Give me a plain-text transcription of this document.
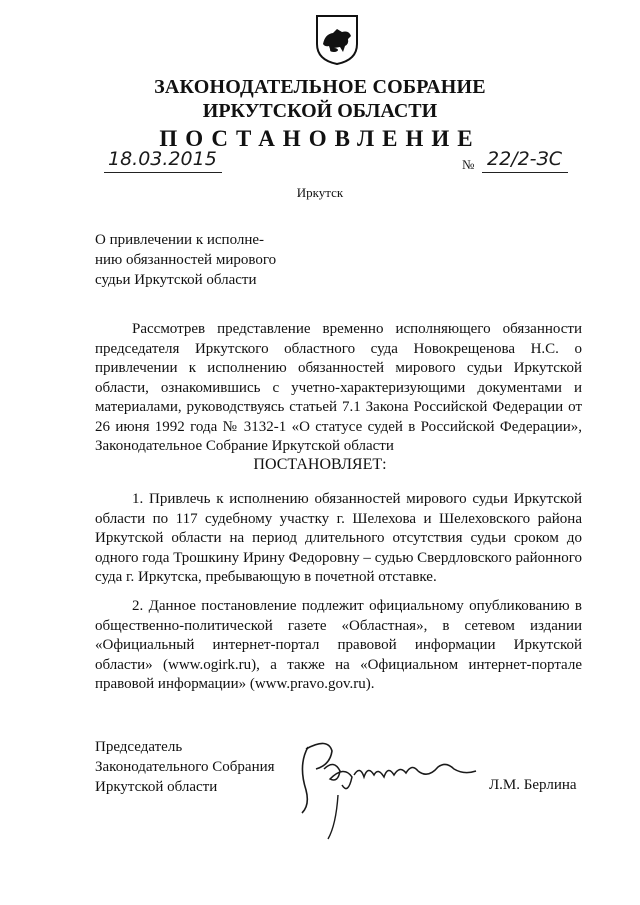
ЗАКОНОДАТЕЛЬНОЕ СОБРАНИЕ
ИРКУТСКОЙ ОБЛАСТИ
ПОСТАНОВЛЕНИЕ
18.03.2015	№ 22/2-ЗС
Иркутск
О привлечении к исполне-
нию обязанностей мирового
судьи Иркутской области

Рассмотрев представление временно исполняющего обязанности председателя Иркутского областного суда Новокрещенова Н.С. о привлечении к исполнению обязанностей мирового судьи Иркутской области, ознакомившись с учетно-характеризующими документами и материалами, руководствуясь статьей 7.1 Закона Российской Федерации от 26 июня 1992 года № 3132-1 «О статусе судей в Российской Федерации», Законодательное Собрание Иркутской области

ПОСТАНОВЛЯЕТ:

1. Привлечь к исполнению обязанностей мирового судьи Иркутской области по 117 судебному участку г. Шелехова и Шелеховского района Иркутской области на период длительного отсутствия судьи сроком до одного года Трошкину Ирину Федоровну – судью Свердловского районного суда г. Иркутска, пребывающую в почетной отставке.

2. Данное постановление подлежит официальному опубликованию в общественно-политической газете «Областная», в сетевом издании «Официальный интернет-портал правовой информации Иркутской области» (www.ogirk.ru), а также на «Официальном интернет-портале правовой информации» (www.pravo.gov.ru).

Председатель
Законодательного Собрания
Иркутской области	Л.М. Берлина
